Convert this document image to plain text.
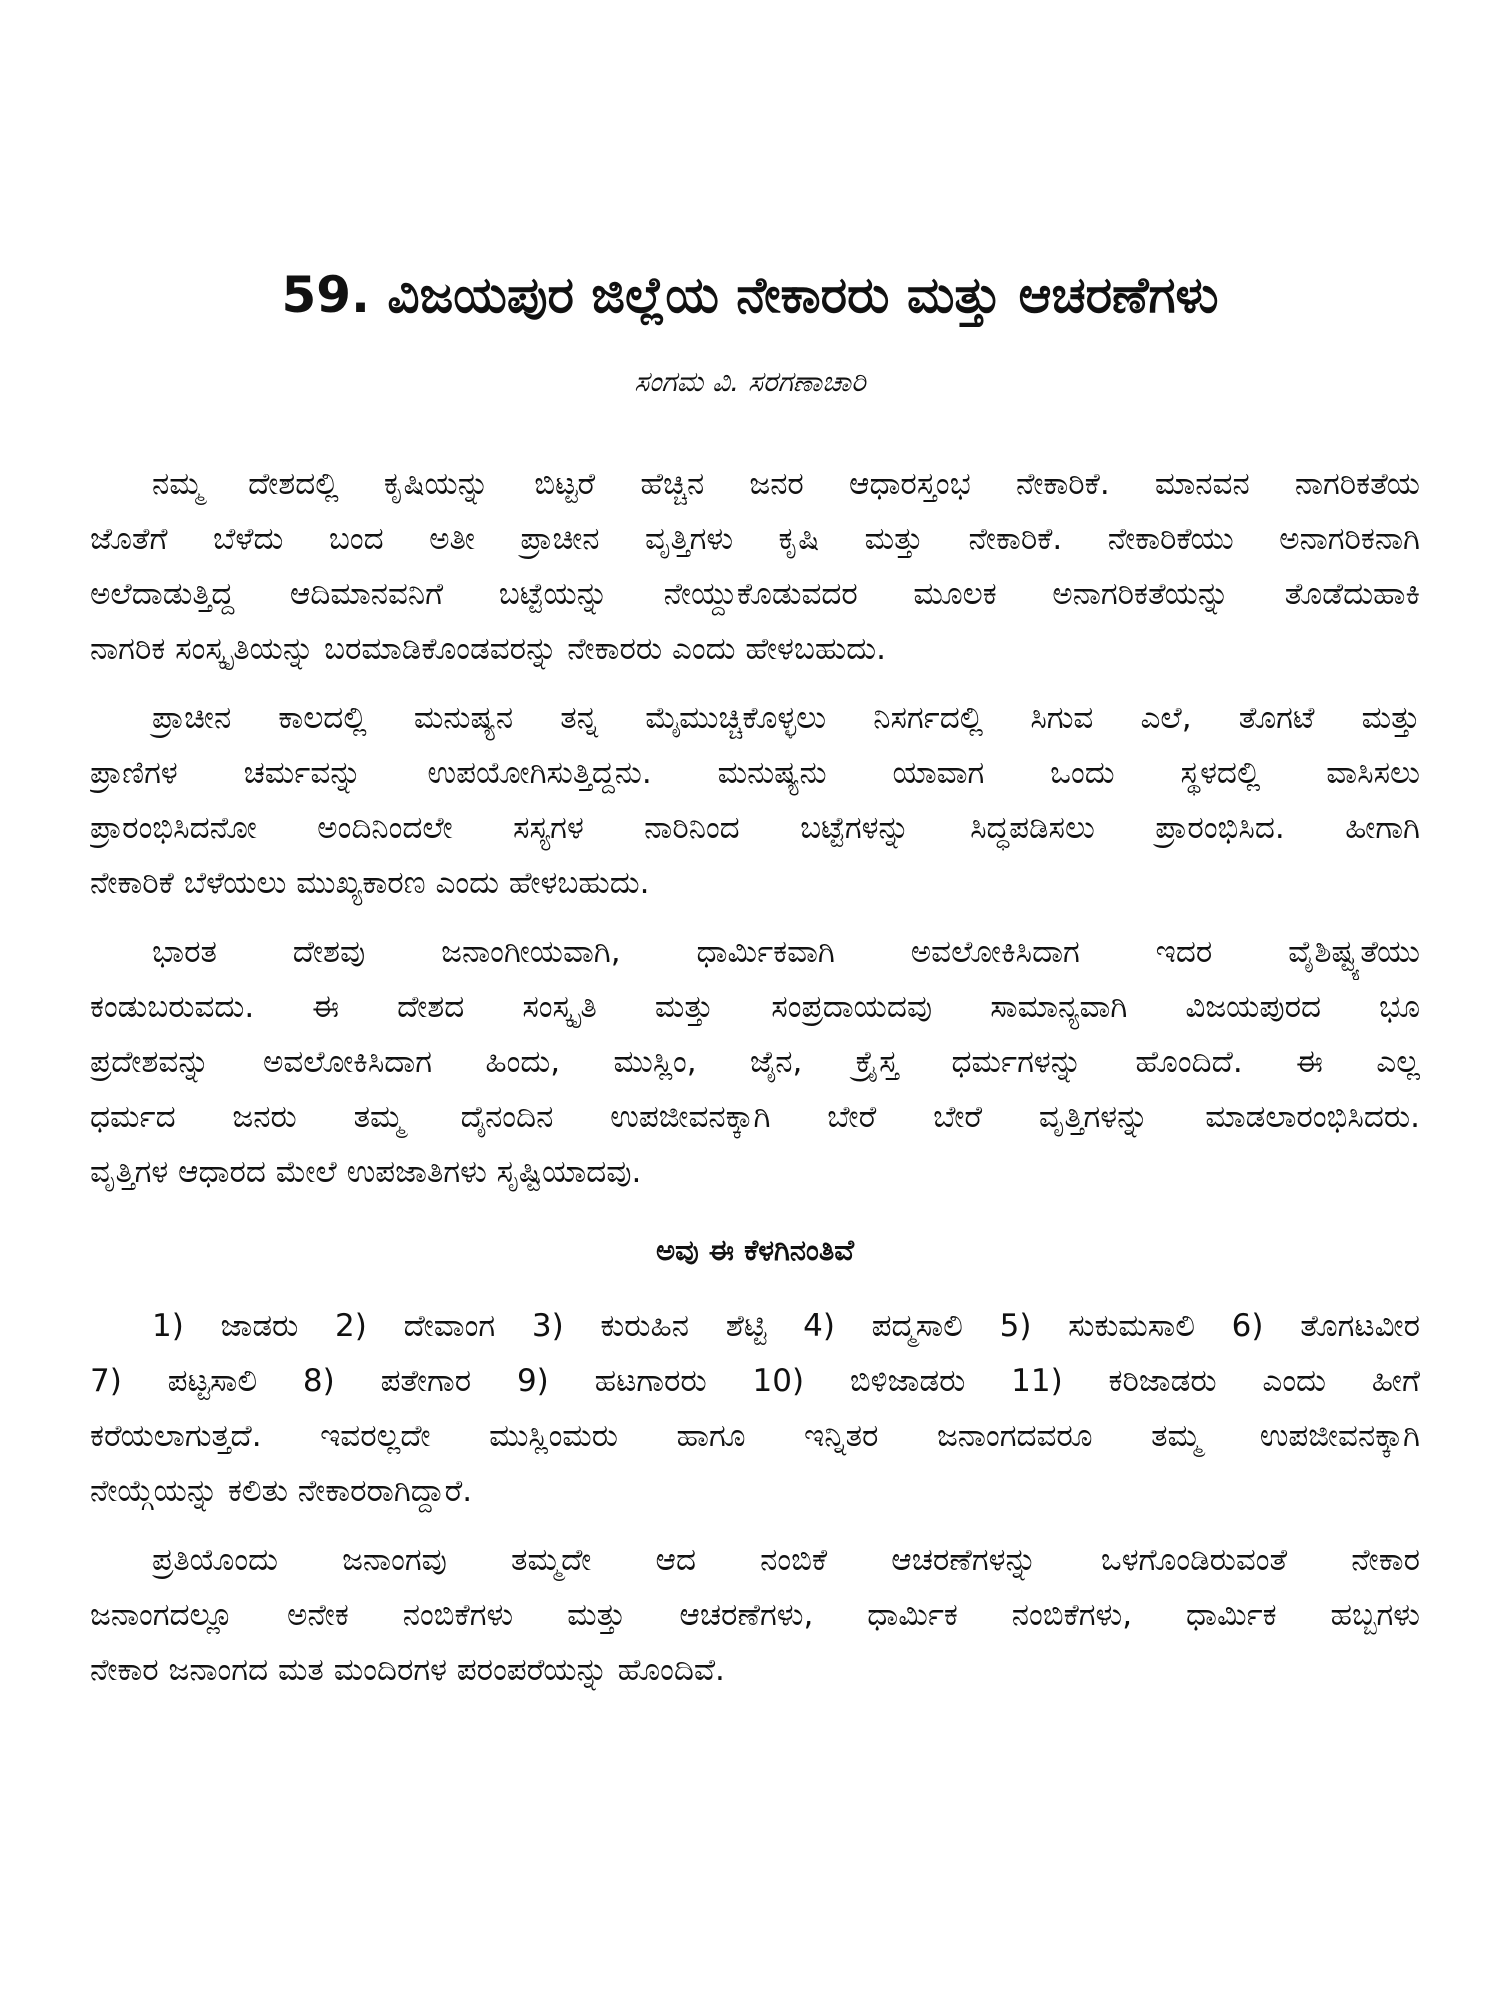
59. ವಿಜಯಪುರ ಜಿಲ್ಲೆಯ ನೇಕಾರರು ಮತ್ತು ಆಚರಣೆಗಳು
ಸಂಗಮ ವಿ. ಸರಗಣಾಚಾರಿ
ನಮ್ಮ ದೇಶದಲ್ಲಿ ಕೃಷಿಯನ್ನು ಬಿಟ್ಟರೆ ಹೆಚ್ಚಿನ ಜನರ ಆಧಾರಸ್ತಂಭ ನೇಕಾರಿಕೆ. ಮಾನವನ ನಾಗರಿಕತೆಯ
ಜೊತೆಗೆ ಬೆಳೆದು ಬಂದ ಅತೀ ಪ್ರಾಚೀನ ವೃತ್ತಿಗಳು ಕೃಷಿ ಮತ್ತು ನೇಕಾರಿಕೆ. ನೇಕಾರಿಕೆಯು ಅನಾಗರಿಕನಾಗಿ
ಅಲೆದಾಡುತ್ತಿದ್ದ ಆದಿಮಾನವನಿಗೆ ಬಟ್ಟೆಯನ್ನು ನೇಯ್ದುಕೊಡುವದರ ಮೂಲಕ ಅನಾಗರಿಕತೆಯನ್ನು ತೊಡೆದುಹಾಕಿ
ನಾಗರಿಕ ಸಂಸ್ಕೃತಿಯನ್ನು ಬರಮಾಡಿಕೊಂಡವರನ್ನು ನೇಕಾರರು ಎಂದು ಹೇಳಬಹುದು.
ಪ್ರಾಚೀನ ಕಾಲದಲ್ಲಿ ಮನುಷ್ಯನ ತನ್ನ ಮೈಮುಚ್ಚಿಕೊಳ್ಳಲು ನಿಸರ್ಗದಲ್ಲಿ ಸಿಗುವ ಎಲೆ, ತೊಗಟೆ ಮತ್ತು
ಪ್ರಾಣಿಗಳ ಚರ್ಮವನ್ನು ಉಪಯೋಗಿಸುತ್ತಿದ್ದನು. ಮನುಷ್ಯನು ಯಾವಾಗ ಒಂದು ಸ್ಥಳದಲ್ಲಿ ವಾಸಿಸಲು
ಪ್ರಾರಂಭಿಸಿದನೋ ಅಂದಿನಿಂದಲೇ ಸಸ್ಯಗಳ ನಾರಿನಿಂದ ಬಟ್ಟೆಗಳನ್ನು ಸಿದ್ಧಪಡಿಸಲು ಪ್ರಾರಂಭಿಸಿದ. ಹೀಗಾಗಿ
ನೇಕಾರಿಕೆ ಬೆಳೆಯಲು ಮುಖ್ಯಕಾರಣ ಎಂದು ಹೇಳಬಹುದು.
ಭಾರತ ದೇಶವು ಜನಾಂಗೀಯವಾಗಿ, ಧಾರ್ಮಿಕವಾಗಿ ಅವಲೋಕಿಸಿದಾಗ ಇದರ ವೈಶಿಷ್ಟ್ಯತೆಯು
ಕಂಡುಬರುವದು. ಈ ದೇಶದ ಸಂಸ್ಕೃತಿ ಮತ್ತು ಸಂಪ್ರದಾಯದವು ಸಾಮಾನ್ಯವಾಗಿ ವಿಜಯಪುರದ ಭೂ
ಪ್ರದೇಶವನ್ನು ಅವಲೋಕಿಸಿದಾಗ ಹಿಂದು, ಮುಸ್ಲಿಂ, ಜೈನ, ಕ್ರೈಸ್ತ ಧರ್ಮಗಳನ್ನು ಹೊಂದಿದೆ. ಈ ಎಲ್ಲ
ಧರ್ಮದ ಜನರು ತಮ್ಮ ದೈನಂದಿನ ಉಪಜೀವನಕ್ಕಾಗಿ ಬೇರೆ ಬೇರೆ ವೃತ್ತಿಗಳನ್ನು ಮಾಡಲಾರಂಭಿಸಿದರು.
ವೃತ್ತಿಗಳ ಆಧಾರದ ಮೇಲೆ ಉಪಜಾತಿಗಳು ಸೃಷ್ಟಿಯಾದವು.
ಅವು ಈ ಕೆಳಗಿನಂತಿವೆ
1) ಜಾಡರು 2) ದೇವಾಂಗ 3) ಕುರುಹಿನ ಶೆಟ್ಟಿ 4) ಪದ್ಮಸಾಲಿ 5) ಸುಕುಮಸಾಲಿ 6) ತೊಗಟವೀರ
7) ಪಟ್ಟಸಾಲಿ 8) ಪತೇಗಾರ 9) ಹಟಗಾರರು 10) ಬಿಳಿಜಾಡರು 11) ಕರಿಜಾಡರು ಎಂದು ಹೀಗೆ
ಕರೆಯಲಾಗುತ್ತದೆ. ಇವರಲ್ಲದೇ ಮುಸ್ಲಿಂಮರು ಹಾಗೂ ಇನ್ನಿತರ ಜನಾಂಗದವರೂ ತಮ್ಮ ಉಪಜೀವನಕ್ಕಾಗಿ
ನೇಯ್ಗೆಯನ್ನು ಕಲಿತು ನೇಕಾರರಾಗಿದ್ದಾರೆ.
ಪ್ರತಿಯೊಂದು ಜನಾಂಗವು ತಮ್ಮದೇ ಆದ ನಂಬಿಕೆ ಆಚರಣೆಗಳನ್ನು ಒಳಗೊಂಡಿರುವಂತೆ ನೇಕಾರ
ಜನಾಂಗದಲ್ಲೂ ಅನೇಕ ನಂಬಿಕೆಗಳು ಮತ್ತು ಆಚರಣೆಗಳು, ಧಾರ್ಮಿಕ ನಂಬಿಕೆಗಳು, ಧಾರ್ಮಿಕ ಹಬ್ಬಗಳು
ನೇಕಾರ ಜನಾಂಗದ ಮತ ಮಂದಿರಗಳ ಪರಂಪರೆಯನ್ನು ಹೊಂದಿವೆ.
